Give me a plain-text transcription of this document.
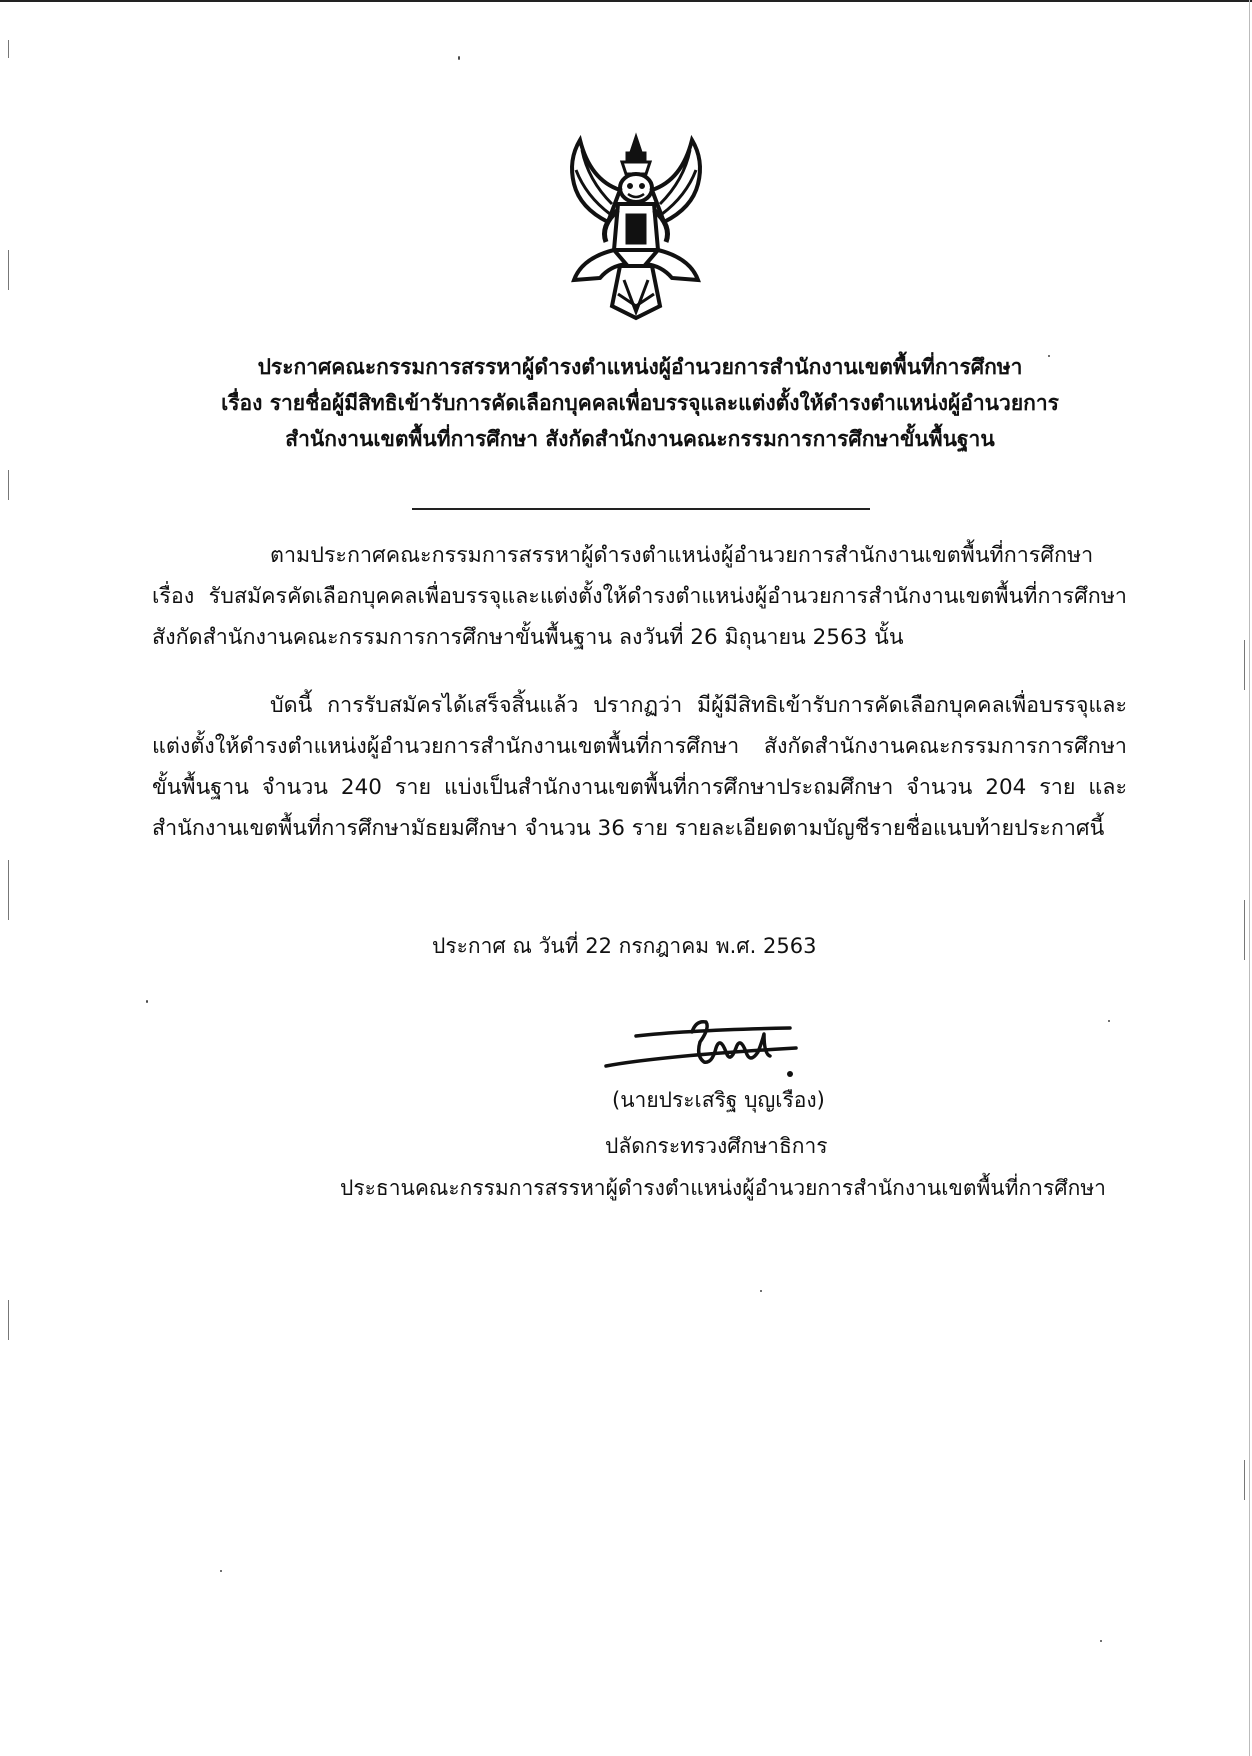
ประกาศคณะกรรมการสรรหาผู้ดำรงตำแหน่งผู้อำนวยการสำนักงานเขตพื้นที่การศึกษา
เรื่อง รายชื่อผู้มีสิทธิเข้ารับการคัดเลือกบุคคลเพื่อบรรจุและแต่งตั้งให้ดำรงตำแหน่งผู้อำนวยการ
สำนักงานเขตพื้นที่การศึกษา สังกัดสำนักงานคณะกรรมการการศึกษาขั้นพื้นฐาน

ตามประกาศคณะกรรมการสรรหาผู้ดำรงตำแหน่งผู้อำนวยการสำนักงานเขตพื้นที่การศึกษา เรื่อง รับสมัครคัดเลือกบุคคลเพื่อบรรจุและแต่งตั้งให้ดำรงตำแหน่งผู้อำนวยการสำนักงานเขตพื้นที่การศึกษา สังกัดสำนักงานคณะกรรมการการศึกษาขั้นพื้นฐาน ลงวันที่ 26 มิถุนายน 2563 นั้น

บัดนี้ การรับสมัครได้เสร็จสิ้นแล้ว ปรากฏว่า มีผู้มีสิทธิเข้ารับการคัดเลือกบุคคลเพื่อบรรจุและแต่งตั้งให้ดำรงตำแหน่งผู้อำนวยการสำนักงานเขตพื้นที่การศึกษา สังกัดสำนักงานคณะกรรมการการศึกษาขั้นพื้นฐาน จำนวน 240 ราย แบ่งเป็นสำนักงานเขตพื้นที่การศึกษาประถมศึกษา จำนวน 204 ราย และสำนักงานเขตพื้นที่การศึกษามัธยมศึกษา จำนวน 36 ราย รายละเอียดตามบัญชีรายชื่อแนบท้ายประกาศนี้

ประกาศ ณ วันที่ 22 กรกฎาคม พ.ศ. 2563
(นายประเสริฐ บุญเรือง)
ปลัดกระทรวงศึกษาธิการ
ประธานคณะกรรมการสรรหาผู้ดำรงตำแหน่งผู้อำนวยการสำนักงานเขตพื้นที่การศึกษา
